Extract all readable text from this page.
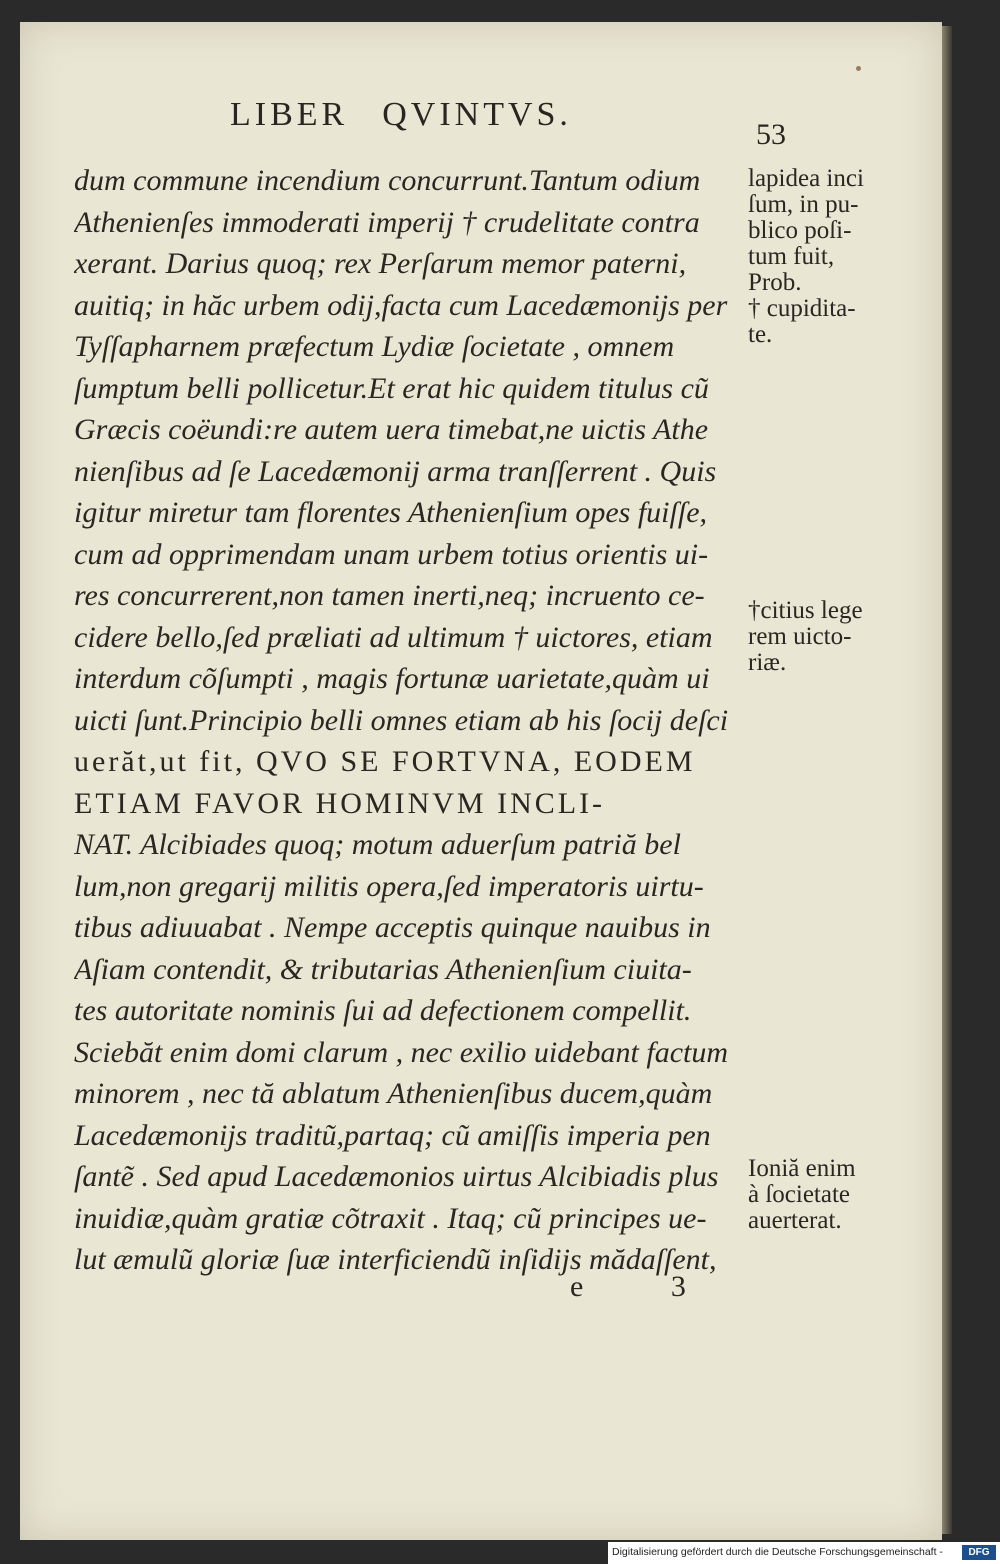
LIBER QVINTVS.
53
dum commune incendium concurrunt.Tantum odium
Athenienſes immoderati imperij † crudelitate contra
xerant. Darius quoq; rex Perſarum memor paterni,
auitiq; in hăc urbem odij,facta cum Lacedæmonijs per
Tyſſapharnem præfectum Lydiæ ſocietate , omnem
ſumptum belli pollicetur.Et erat hic quidem titulus cũ
Græcis coëundi:re autem uera timebat,ne uictis Athe
nienſibus ad ſe Lacedæmonij arma tranſſerrent . Quis
igitur miretur tam florentes Athenienſium opes fuiſſe,
cum ad opprimendam unam urbem totius orientis ui-
res concurrerent,non tamen inerti,neq; incruento ce-
cidere bello,ſed præliati ad ultimum † uictores, etiam
interdum cõſumpti , magis fortunæ uarietate,quàm ui
uicti ſunt.Principio belli omnes etiam ab his ſocij deſci
uerăt,ut fit, QVO SE FORTVNA, EODEM
ETIAM FAVOR HOMINVM INCLI-
NAT. Alcibiades quoq; motum aduerſum patriă bel
lum,non gregarij militis opera,ſed imperatoris uirtu-
tibus adiuuabat . Nempe acceptis quinque nauibus in
Aſiam contendit, & tributarias Athenienſium ciuita-
tes autoritate nominis ſui ad defectionem compellit.
Sciebăt enim domi clarum , nec exilio uidebant factum
minorem , nec tă ablatum Athenienſibus ducem,quàm
Lacedæmonijs traditũ,partaq; cũ amiſſis imperia pen
ſantẽ . Sed apud Lacedæmonios uirtus Alcibiadis plus
inuidiæ,quàm gratiæ cõtraxit . Itaq; cũ principes ue-
lut æmulũ gloriæ ſuæ interficiendũ inſidijs mădaſſent,
lapidea inci
ſum, in pu-
blico poſi-
tum fuit,
Prob.
† cupidita-
te.
†citius lege
rem uicto-
riæ.
Ioniă enim
à ſocietate
auerterat.
e 3
Digitalisierung gefördert durch die Deutsche Forschungsgemeinschaft -	DFG
